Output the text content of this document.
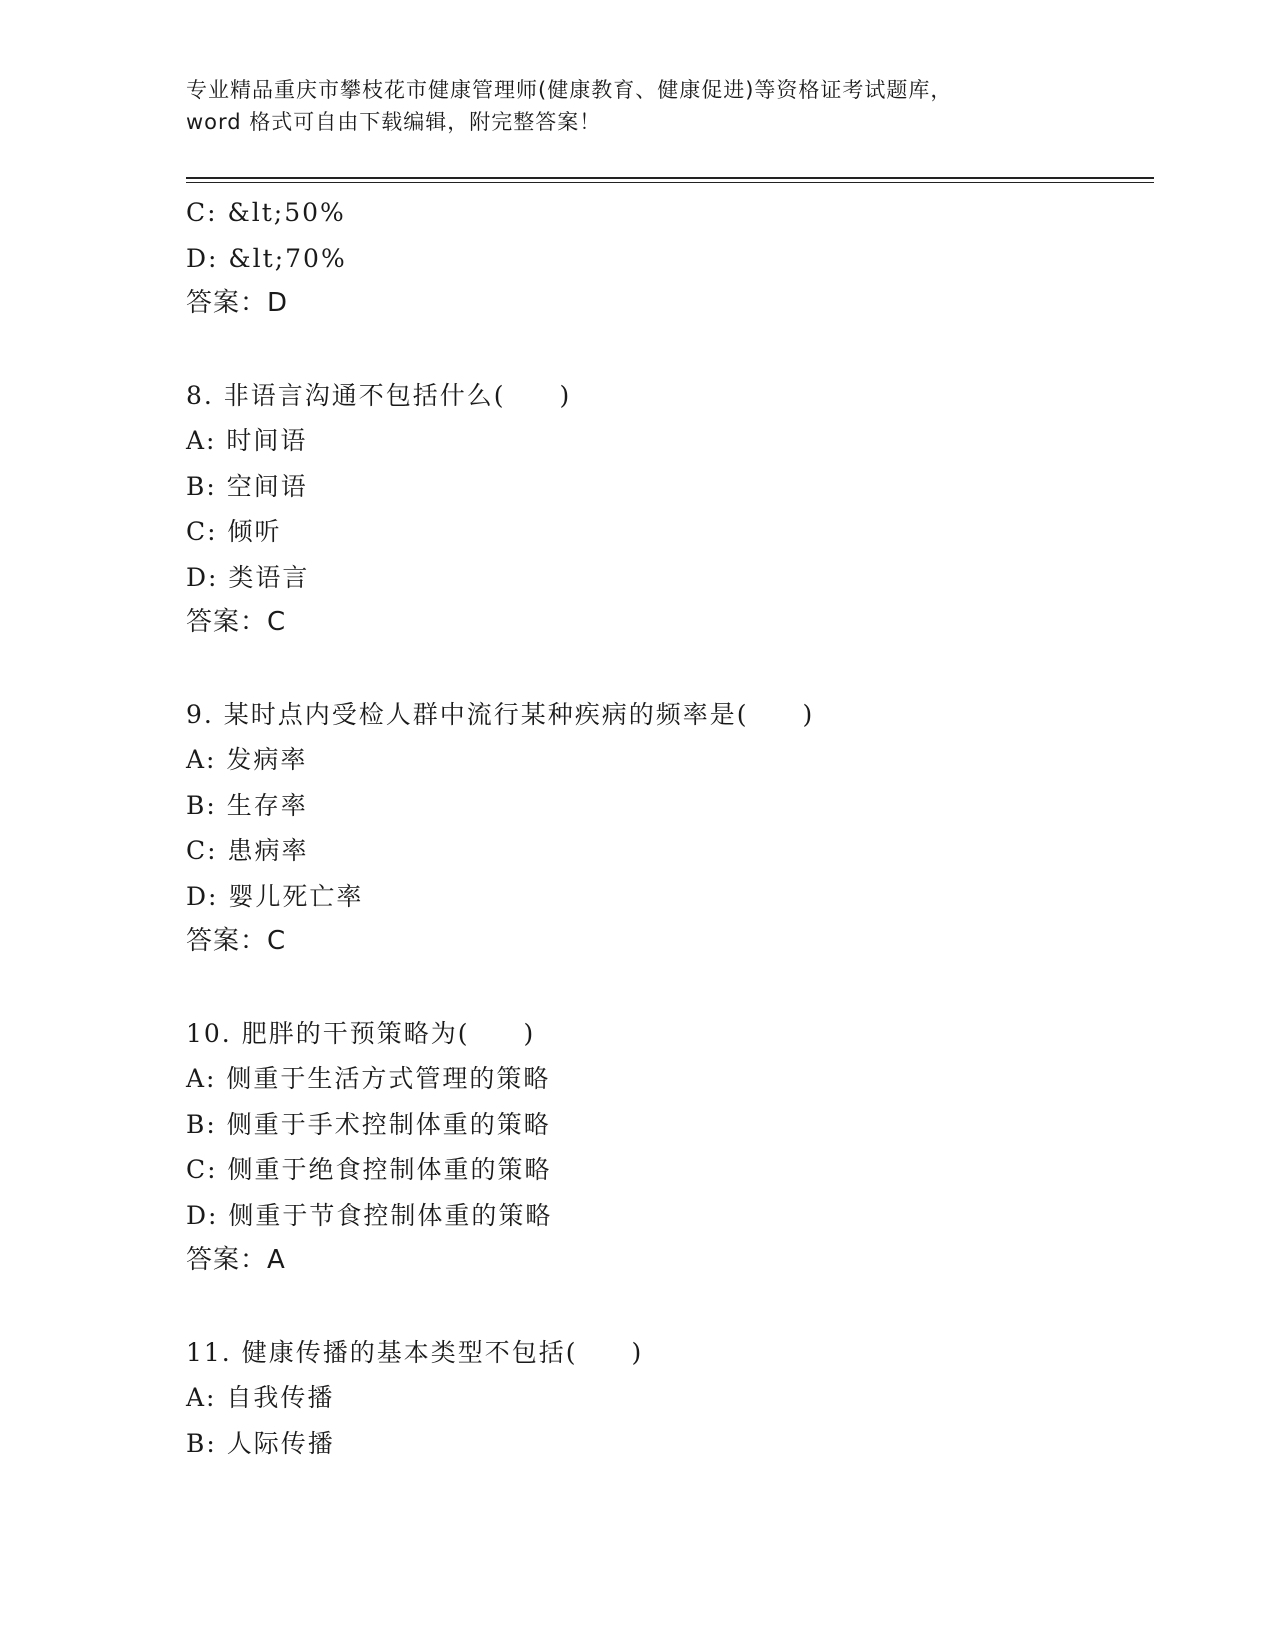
专业精品重庆市攀枝花市健康管理师(健康教育、健康促进)等资格证考试题库，
word 格式可自由下载编辑，附完整答案！
C: &lt;50%
D: &lt;70%
答案：D
8. 非语言沟通不包括什么(　　)
A: 时间语
B: 空间语
C: 倾听
D: 类语言
答案：C
9. 某时点内受检人群中流行某种疾病的频率是(　　)
A: 发病率
B: 生存率
C: 患病率
D: 婴儿死亡率
答案：C
10. 肥胖的干预策略为(　　)
A: 侧重于生活方式管理的策略
B: 侧重于手术控制体重的策略
C: 侧重于绝食控制体重的策略
D: 侧重于节食控制体重的策略
答案：A
11. 健康传播的基本类型不包括(　　)
A: 自我传播
B: 人际传播
